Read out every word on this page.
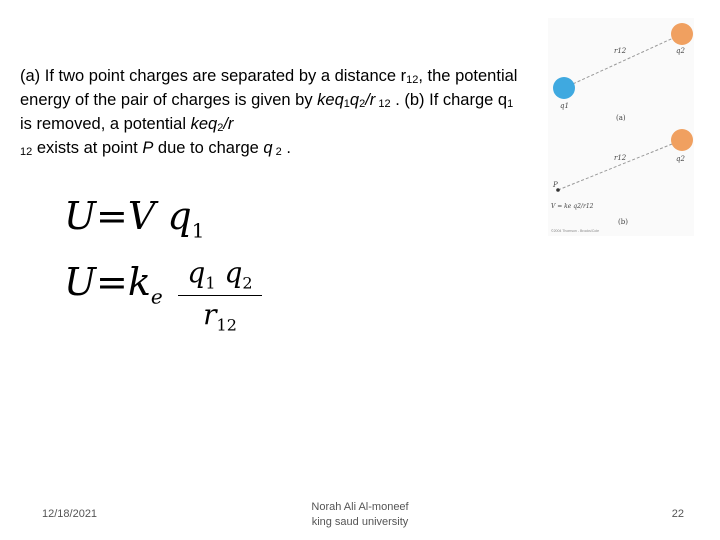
(a) If two point charges are separated by a distance $r_{12}$, the potential energy of the pair of charges is given by $keq_1q_2/r$ $_{12}$ . (b) If charge $q_1$ is removed, a potential keq$_2$/r
$_{12}$ exists at point P due to charge q $_2$ .
U=V $q_1$
$U=k_e \frac{q_1 q_2}{r_{12}}$
r12	q2
q1
(a)
r12	q2
P
V = ke q2/r12
(b)
©2004 Thomson - Brooks/Cole
12/18/2021
Norah Ali Al-moneef
king saud university
22
